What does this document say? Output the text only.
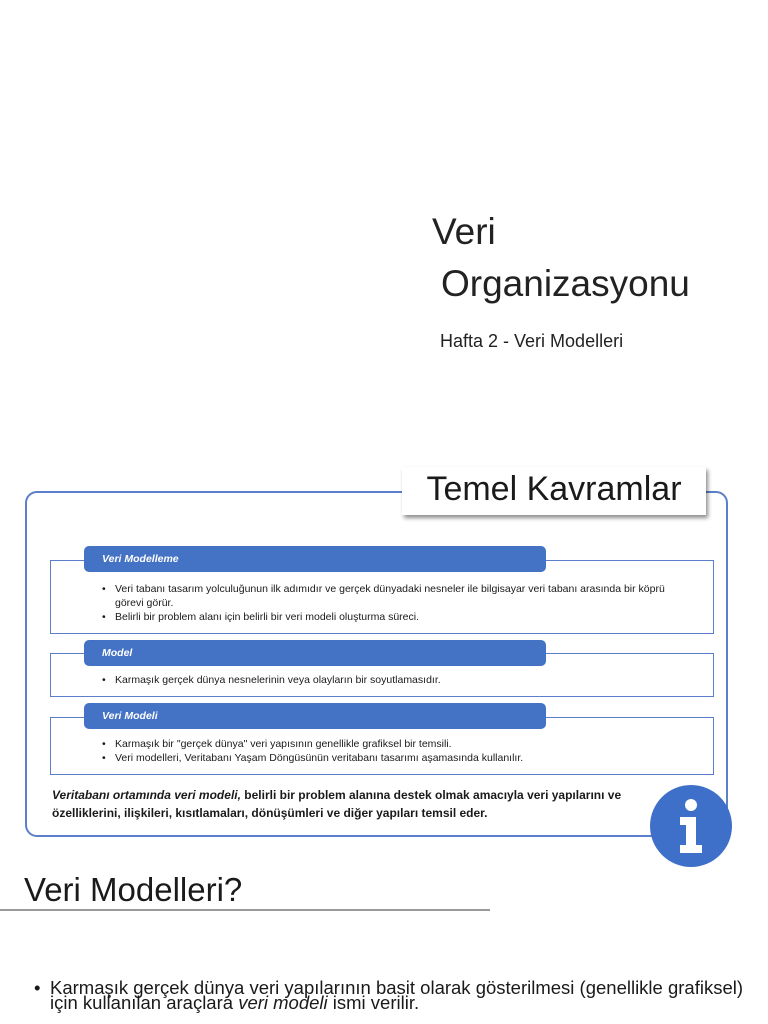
Veri
Organizasyonu
Hafta 2 - Veri Modelleri
Temel Kavramlar
• Veri tabanı tasarım yolculuğunun ilk adımıdır ve gerçek dünyadaki nesneler ile bilgisayar veri tabanı arasında bir köprü görevi görür.
• Belirli bir problem alanı için belirli bir veri modeli oluşturma süreci.
Veri Modelleme
• Karmaşık gerçek dünya nesnelerinin veya olayların bir soyutlamasıdır.
Model
• Karmaşık bir "gerçek dünya" veri yapısının genellikle grafiksel bir temsili.
• Veri modelleri, Veritabanı Yaşam Döngüsünün veritabanı tasarımı aşamasında kullanılır.
Veri Modeli
Veritabanı ortamında veri modeli, belirli bir problem alanına destek olmak amacıyla veri yapılarını ve özelliklerini, ilişkileri, kısıtlamaları, dönüşümleri ve diğer yapıları temsil eder.
Veri Modelleri?
• Karmaşık gerçek dünya veri yapılarının basit olarak gösterilmesi (genellikle grafiksel) için kullanılan araçlara veri modeli ismi verilir.
